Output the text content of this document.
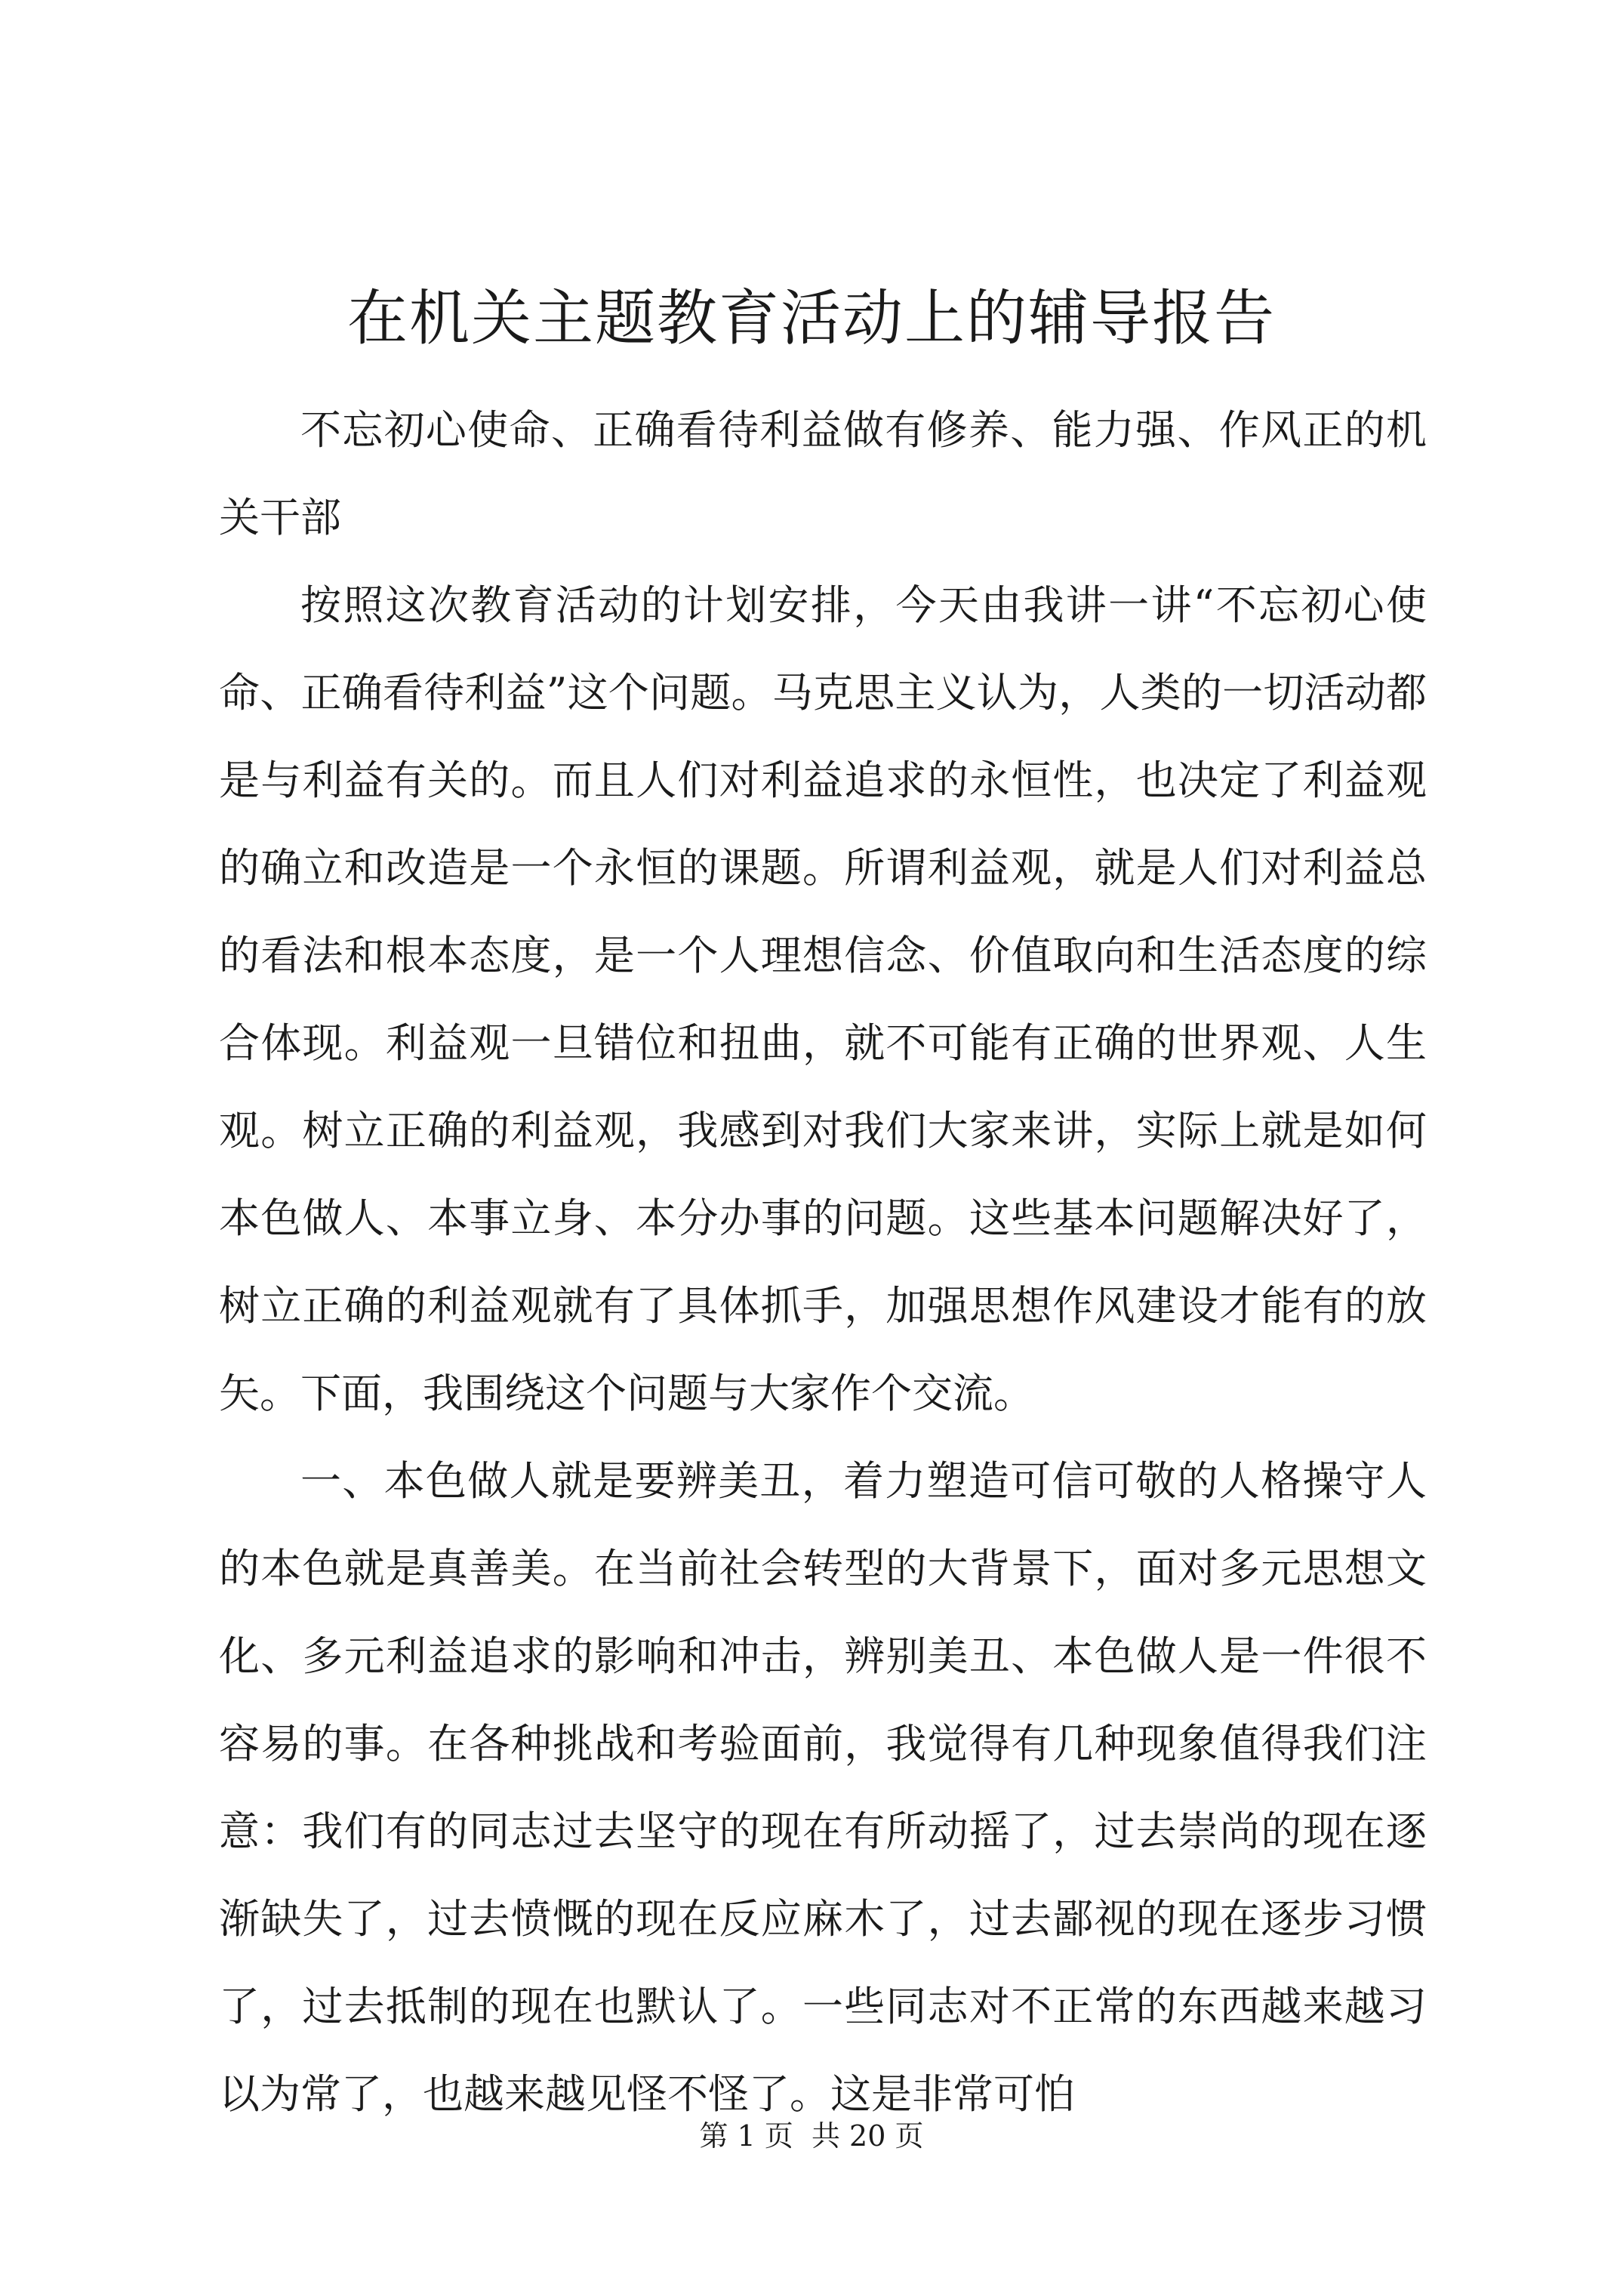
在机关主题教育活动上的辅导报告

不忘初心使命、正确看待利益做有修养、能力强、作风正的机关干部

按照这次教育活动的计划安排，今天由我讲一讲“不忘初心使命、正确看待利益”这个问题。马克思主义认为，人类的一切活动都是与利益有关的。而且人们对利益追求的永恒性，也决定了利益观的确立和改造是一个永恒的课题。所谓利益观，就是人们对利益总的看法和根本态度，是一个人理想信念、价值取向和生活态度的综合体现。利益观一旦错位和扭曲，就不可能有正确的世界观、人生观。树立正确的利益观，我感到对我们大家来讲，实际上就是如何本色做人、本事立身、本分办事的问题。这些基本问题解决好了，树立正确的利益观就有了具体抓手，加强思想作风建设才能有的放矢。下面，我围绕这个问题与大家作个交流。

一、本色做人就是要辨美丑，着力塑造可信可敬的人格操守人的本色就是真善美。在当前社会转型的大背景下，面对多元思想文化、多元利益追求的影响和冲击，辨别美丑、本色做人是一件很不容易的事。在各种挑战和考验面前，我觉得有几种现象值得我们注意：我们有的同志过去坚守的现在有所动摇了，过去崇尚的现在逐渐缺失了，过去愤慨的现在反应麻木了，过去鄙视的现在逐步习惯了，过去抵制的现在也默认了。一些同志对不正常的东西越来越习以为常了，也越来越见怪不怪了。这是非常可怕

第 1 页  共 20 页
